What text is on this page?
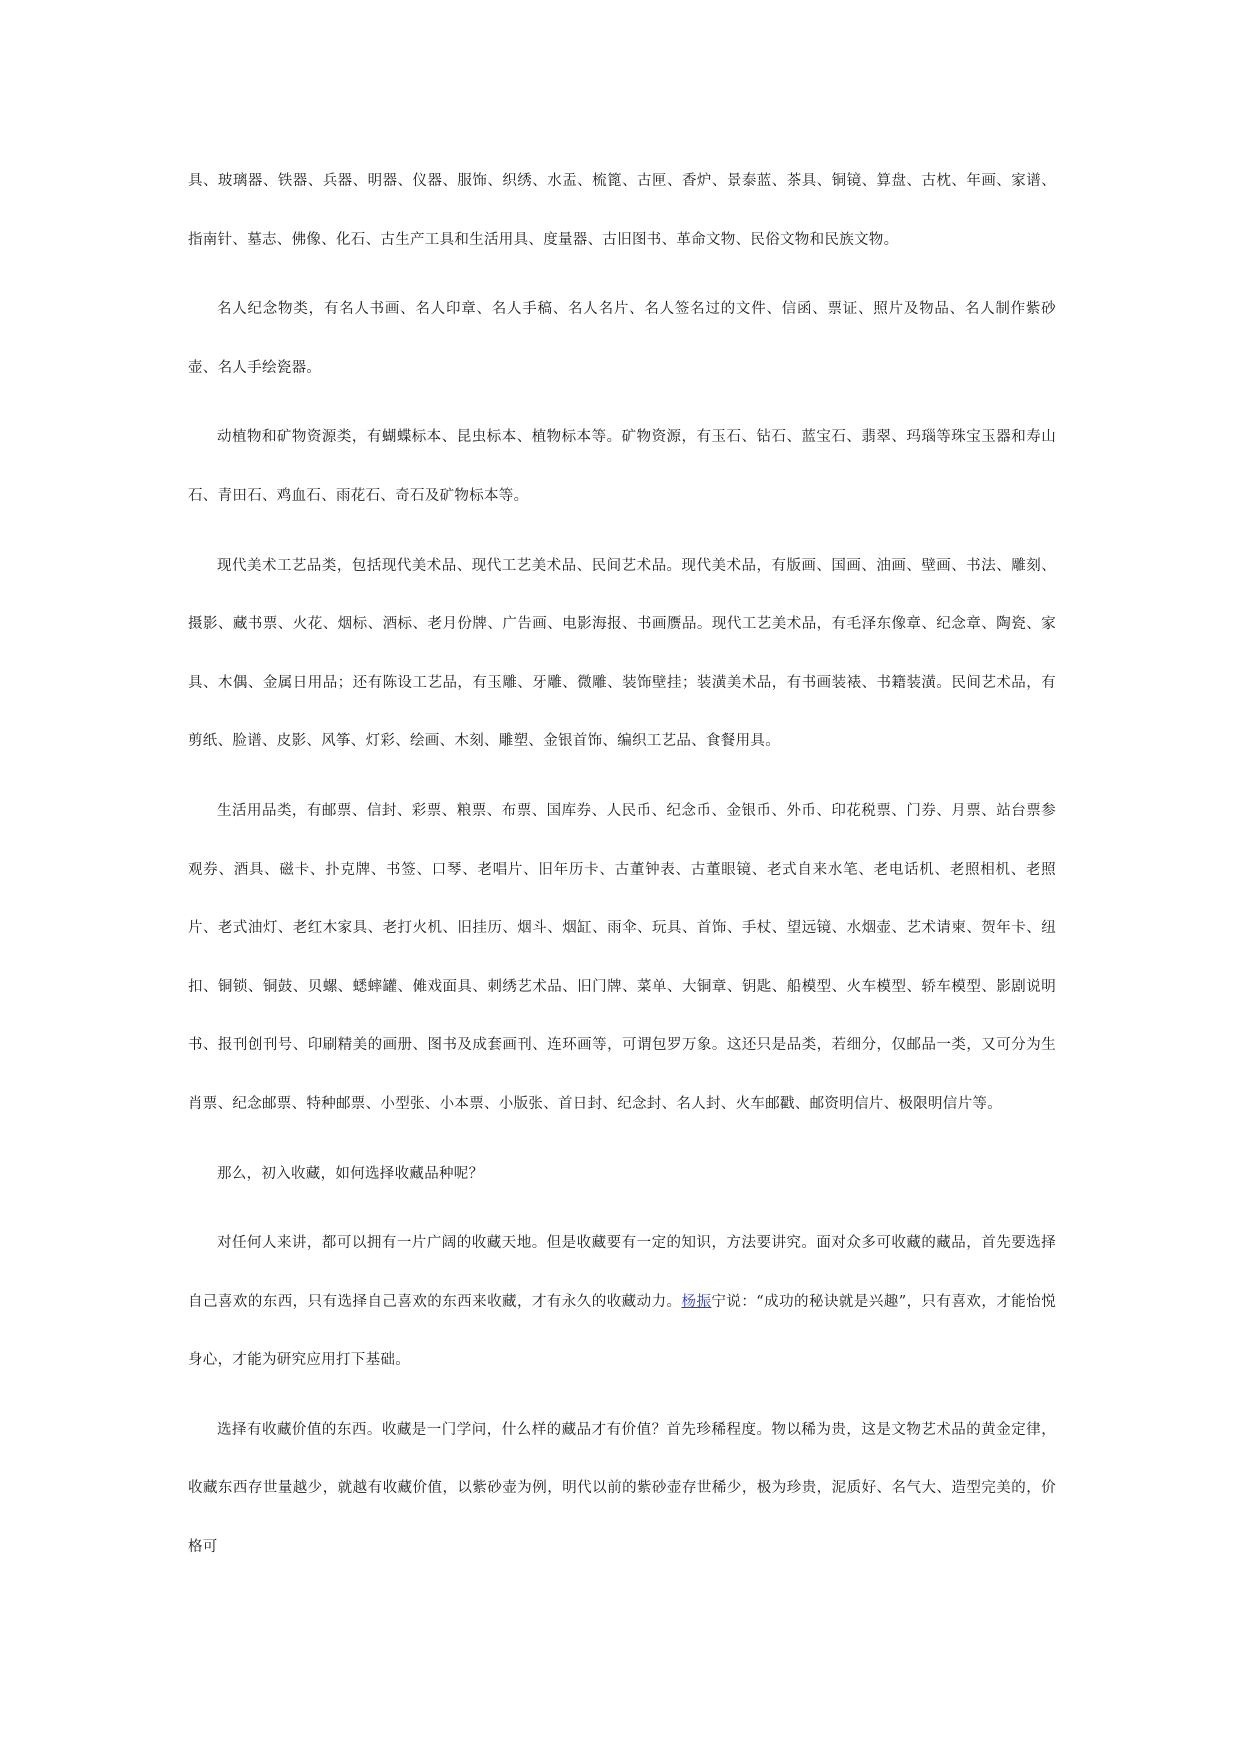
具、玻璃器、铁器、兵器、明器、仪器、服饰、织绣、水盂、梳篦、古匣、香炉、景泰蓝、茶具、铜镜、算盘、古枕、年画、家谱、指南针、墓志、佛像、化石、古生产工具和生活用具、度量器、古旧图书、革命文物、民俗文物和民族文物。

名人纪念物类，有名人书画、名人印章、名人手稿、名人名片、名人签名过的文件、信函、票证、照片及物品、名人制作紫砂壶、名人手绘瓷器。

动植物和矿物资源类，有蝴蝶标本、昆虫标本、植物标本等。矿物资源，有玉石、钻石、蓝宝石、翡翠、玛瑙等珠宝玉器和寿山石、青田石、鸡血石、雨花石、奇石及矿物标本等。

现代美术工艺品类，包括现代美术品、现代工艺美术品、民间艺术品。现代美术品，有版画、国画、油画、壁画、书法、雕刻、摄影、藏书票、火花、烟标、酒标、老月份牌、广告画、电影海报、书画赝品。现代工艺美术品，有毛泽东像章、纪念章、陶瓷、家具、木偶、金属日用品；还有陈设工艺品，有玉雕、牙雕、微雕、装饰壁挂；装潢美术品，有书画装裱、书籍装潢。民间艺术品，有剪纸、脸谱、皮影、风筝、灯彩、绘画、木刻、雕塑、金银首饰、编织工艺品、食餐用具。

生活用品类，有邮票、信封、彩票、粮票、布票、国库券、人民币、纪念币、金银币、外币、印花税票、门券、月票、站台票参观券、酒具、磁卡、扑克牌、书签、口琴、老唱片、旧年历卡、古董钟表、古董眼镜、老式自来水笔、老电话机、老照相机、老照片、老式油灯、老红木家具、老打火机、旧挂历、烟斗、烟缸、雨伞、玩具、首饰、手杖、望远镜、水烟壶、艺术请柬、贺年卡、纽扣、铜锁、铜鼓、贝螺、蟋蟀罐、傩戏面具、刺绣艺术品、旧门牌、菜单、大铜章、钥匙、船模型、火车模型、轿车模型、影剧说明书、报刊创刊号、印刷精美的画册、图书及成套画刊、连环画等，可谓包罗万象。这还只是品类，若细分，仅邮品一类，又可分为生肖票、纪念邮票、特种邮票、小型张、小本票、小版张、首日封、纪念封、名人封、火车邮戳、邮资明信片、极限明信片等。

那么，初入收藏，如何选择收藏品种呢？

对任何人来讲，都可以拥有一片广阔的收藏天地。但是收藏要有一定的知识，方法要讲究。面对众多可收藏的藏品，首先要选择自己喜欢的东西，只有选择自己喜欢的东西来收藏，才有永久的收藏动力。杨振宁说：“成功的秘诀就是兴趣”，只有喜欢，才能怡悦身心，才能为研究应用打下基础。

选择有收藏价值的东西。收藏是一门学问，什么样的藏品才有价值？首先珍稀程度。物以稀为贵，这是文物艺术品的黄金定律，收藏东西存世量越少，就越有收藏价值，以紫砂壶为例，明代以前的紫砂壶存世稀少，极为珍贵，泥质好、名气大、造型完美的，价格可
